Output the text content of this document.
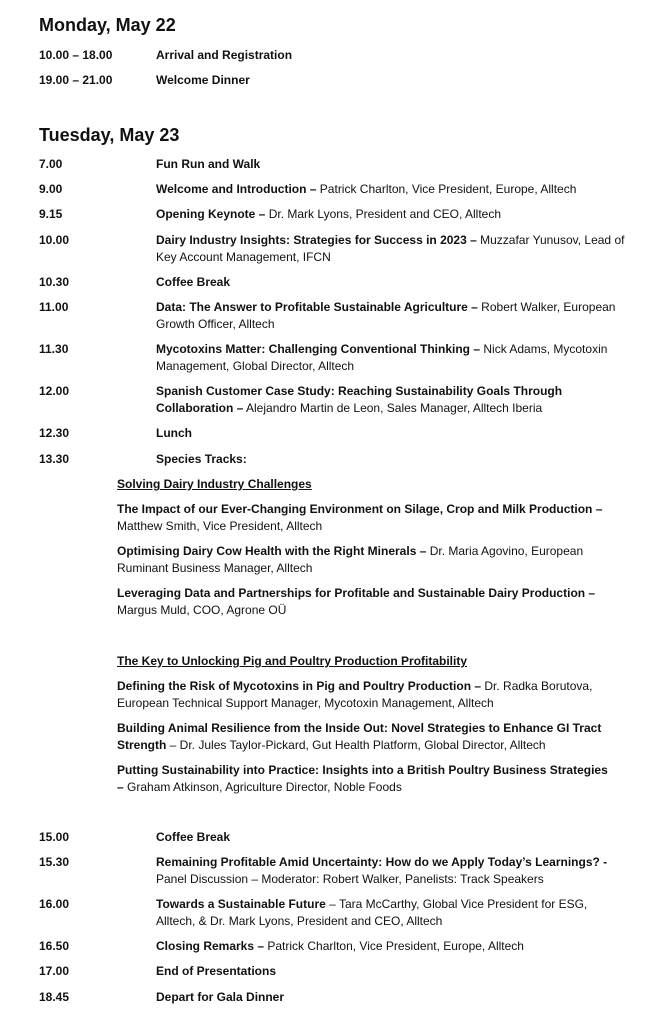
Monday, May 22
10.00 – 18.00	Arrival and Registration
19.00 – 21.00	Welcome Dinner
Tuesday, May 23
7.00	Fun Run and Walk
9.00	Welcome and Introduction – Patrick Charlton, Vice President, Europe, Alltech
9.15	Opening Keynote – Dr. Mark Lyons, President and CEO, Alltech
10.00	Dairy Industry Insights: Strategies for Success in 2023 – Muzzafar Yunusov, Lead of Key Account Management, IFCN
10.30	Coffee Break
11.00	Data: The Answer to Profitable Sustainable Agriculture – Robert Walker, European Growth Officer, Alltech
11.30	Mycotoxins Matter: Challenging Conventional Thinking – Nick Adams, Mycotoxin Management, Global Director, Alltech
12.00	Spanish Customer Case Study: Reaching Sustainability Goals Through Collaboration – Alejandro Martin de Leon, Sales Manager, Alltech Iberia
12.30	Lunch
13.30	Species Tracks:
Solving Dairy Industry Challenges
The Impact of our Ever-Changing Environment on Silage, Crop and Milk Production – Matthew Smith, Vice President, Alltech
Optimising Dairy Cow Health with the Right Minerals – Dr. Maria Agovino, European Ruminant Business Manager, Alltech
Leveraging Data and Partnerships for Profitable and Sustainable Dairy Production – Margus Muld, COO, Agrone OÜ
The Key to Unlocking Pig and Poultry Production Profitability
Defining the Risk of Mycotoxins in Pig and Poultry Production – Dr. Radka Borutova, European Technical Support Manager, Mycotoxin Management, Alltech
Building Animal Resilience from the Inside Out: Novel Strategies to Enhance GI Tract Strength – Dr. Jules Taylor-Pickard, Gut Health Platform, Global Director, Alltech
Putting Sustainability into Practice: Insights into a British Poultry Business Strategies – Graham Atkinson, Agriculture Director, Noble Foods
15.00	Coffee Break
15.30	Remaining Profitable Amid Uncertainty: How do we Apply Today’s Learnings? - Panel Discussion – Moderator: Robert Walker, Panelists: Track Speakers
16.00	Towards a Sustainable Future – Tara McCarthy, Global Vice President for ESG, Alltech, & Dr. Mark Lyons, President and CEO, Alltech
16.50	Closing Remarks – Patrick Charlton, Vice President, Europe, Alltech
17.00	End of Presentations
18.45	Depart for Gala Dinner
